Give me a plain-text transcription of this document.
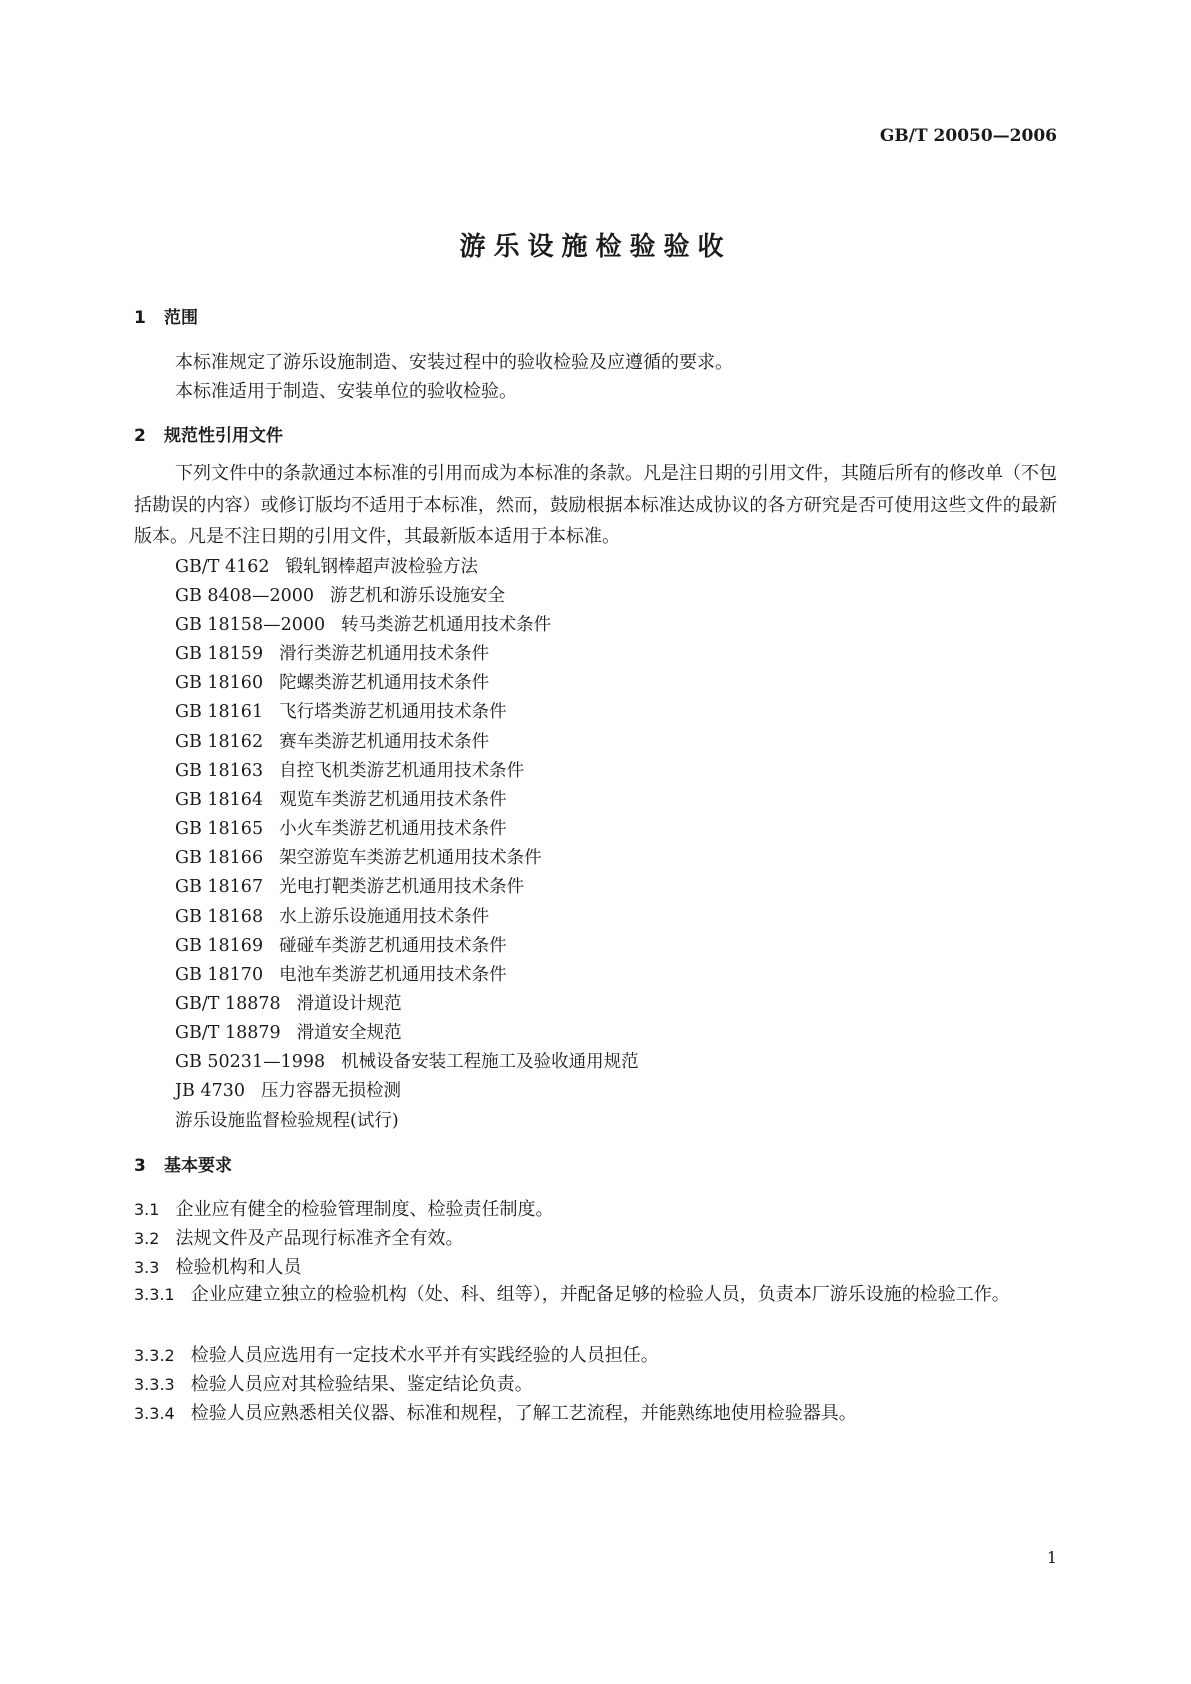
GB/T 20050—2006
游乐设施检验验收
1 范围
本标准规定了游乐设施制造、安装过程中的验收检验及应遵循的要求。
本标准适用于制造、安装单位的验收检验。
2 规范性引用文件
下列文件中的条款通过本标准的引用而成为本标准的条款。凡是注日期的引用文件，其随后所有的修改单（不包括勘误的内容）或修订版均不适用于本标准，然而，鼓励根据本标准达成协议的各方研究是否可使用这些文件的最新版本。凡是不注日期的引用文件，其最新版本适用于本标准。
GB/T 4162 锻轧钢棒超声波检验方法
GB 8408—2000 游艺机和游乐设施安全
GB 18158—2000 转马类游艺机通用技术条件
GB 18159 滑行类游艺机通用技术条件
GB 18160 陀螺类游艺机通用技术条件
GB 18161 飞行塔类游艺机通用技术条件
GB 18162 赛车类游艺机通用技术条件
GB 18163 自控飞机类游艺机通用技术条件
GB 18164 观览车类游艺机通用技术条件
GB 18165 小火车类游艺机通用技术条件
GB 18166 架空游览车类游艺机通用技术条件
GB 18167 光电打靶类游艺机通用技术条件
GB 18168 水上游乐设施通用技术条件
GB 18169 碰碰车类游艺机通用技术条件
GB 18170 电池车类游艺机通用技术条件
GB/T 18878 滑道设计规范
GB/T 18879 滑道安全规范
GB 50231—1998 机械设备安装工程施工及验收通用规范
JB 4730 压力容器无损检测
游乐设施监督检验规程(试行)
3 基本要求
3.1 企业应有健全的检验管理制度、检验责任制度。
3.2 法规文件及产品现行标准齐全有效。
3.3 检验机构和人员
3.3.1 企业应建立独立的检验机构（处、科、组等），并配备足够的检验人员，负责本厂游乐设施的检验工作。
3.3.2 检验人员应选用有一定技术水平并有实践经验的人员担任。
3.3.3 检验人员应对其检验结果、鉴定结论负责。
3.3.4 检验人员应熟悉相关仪器、标准和规程，了解工艺流程，并能熟练地使用检验器具。
1
